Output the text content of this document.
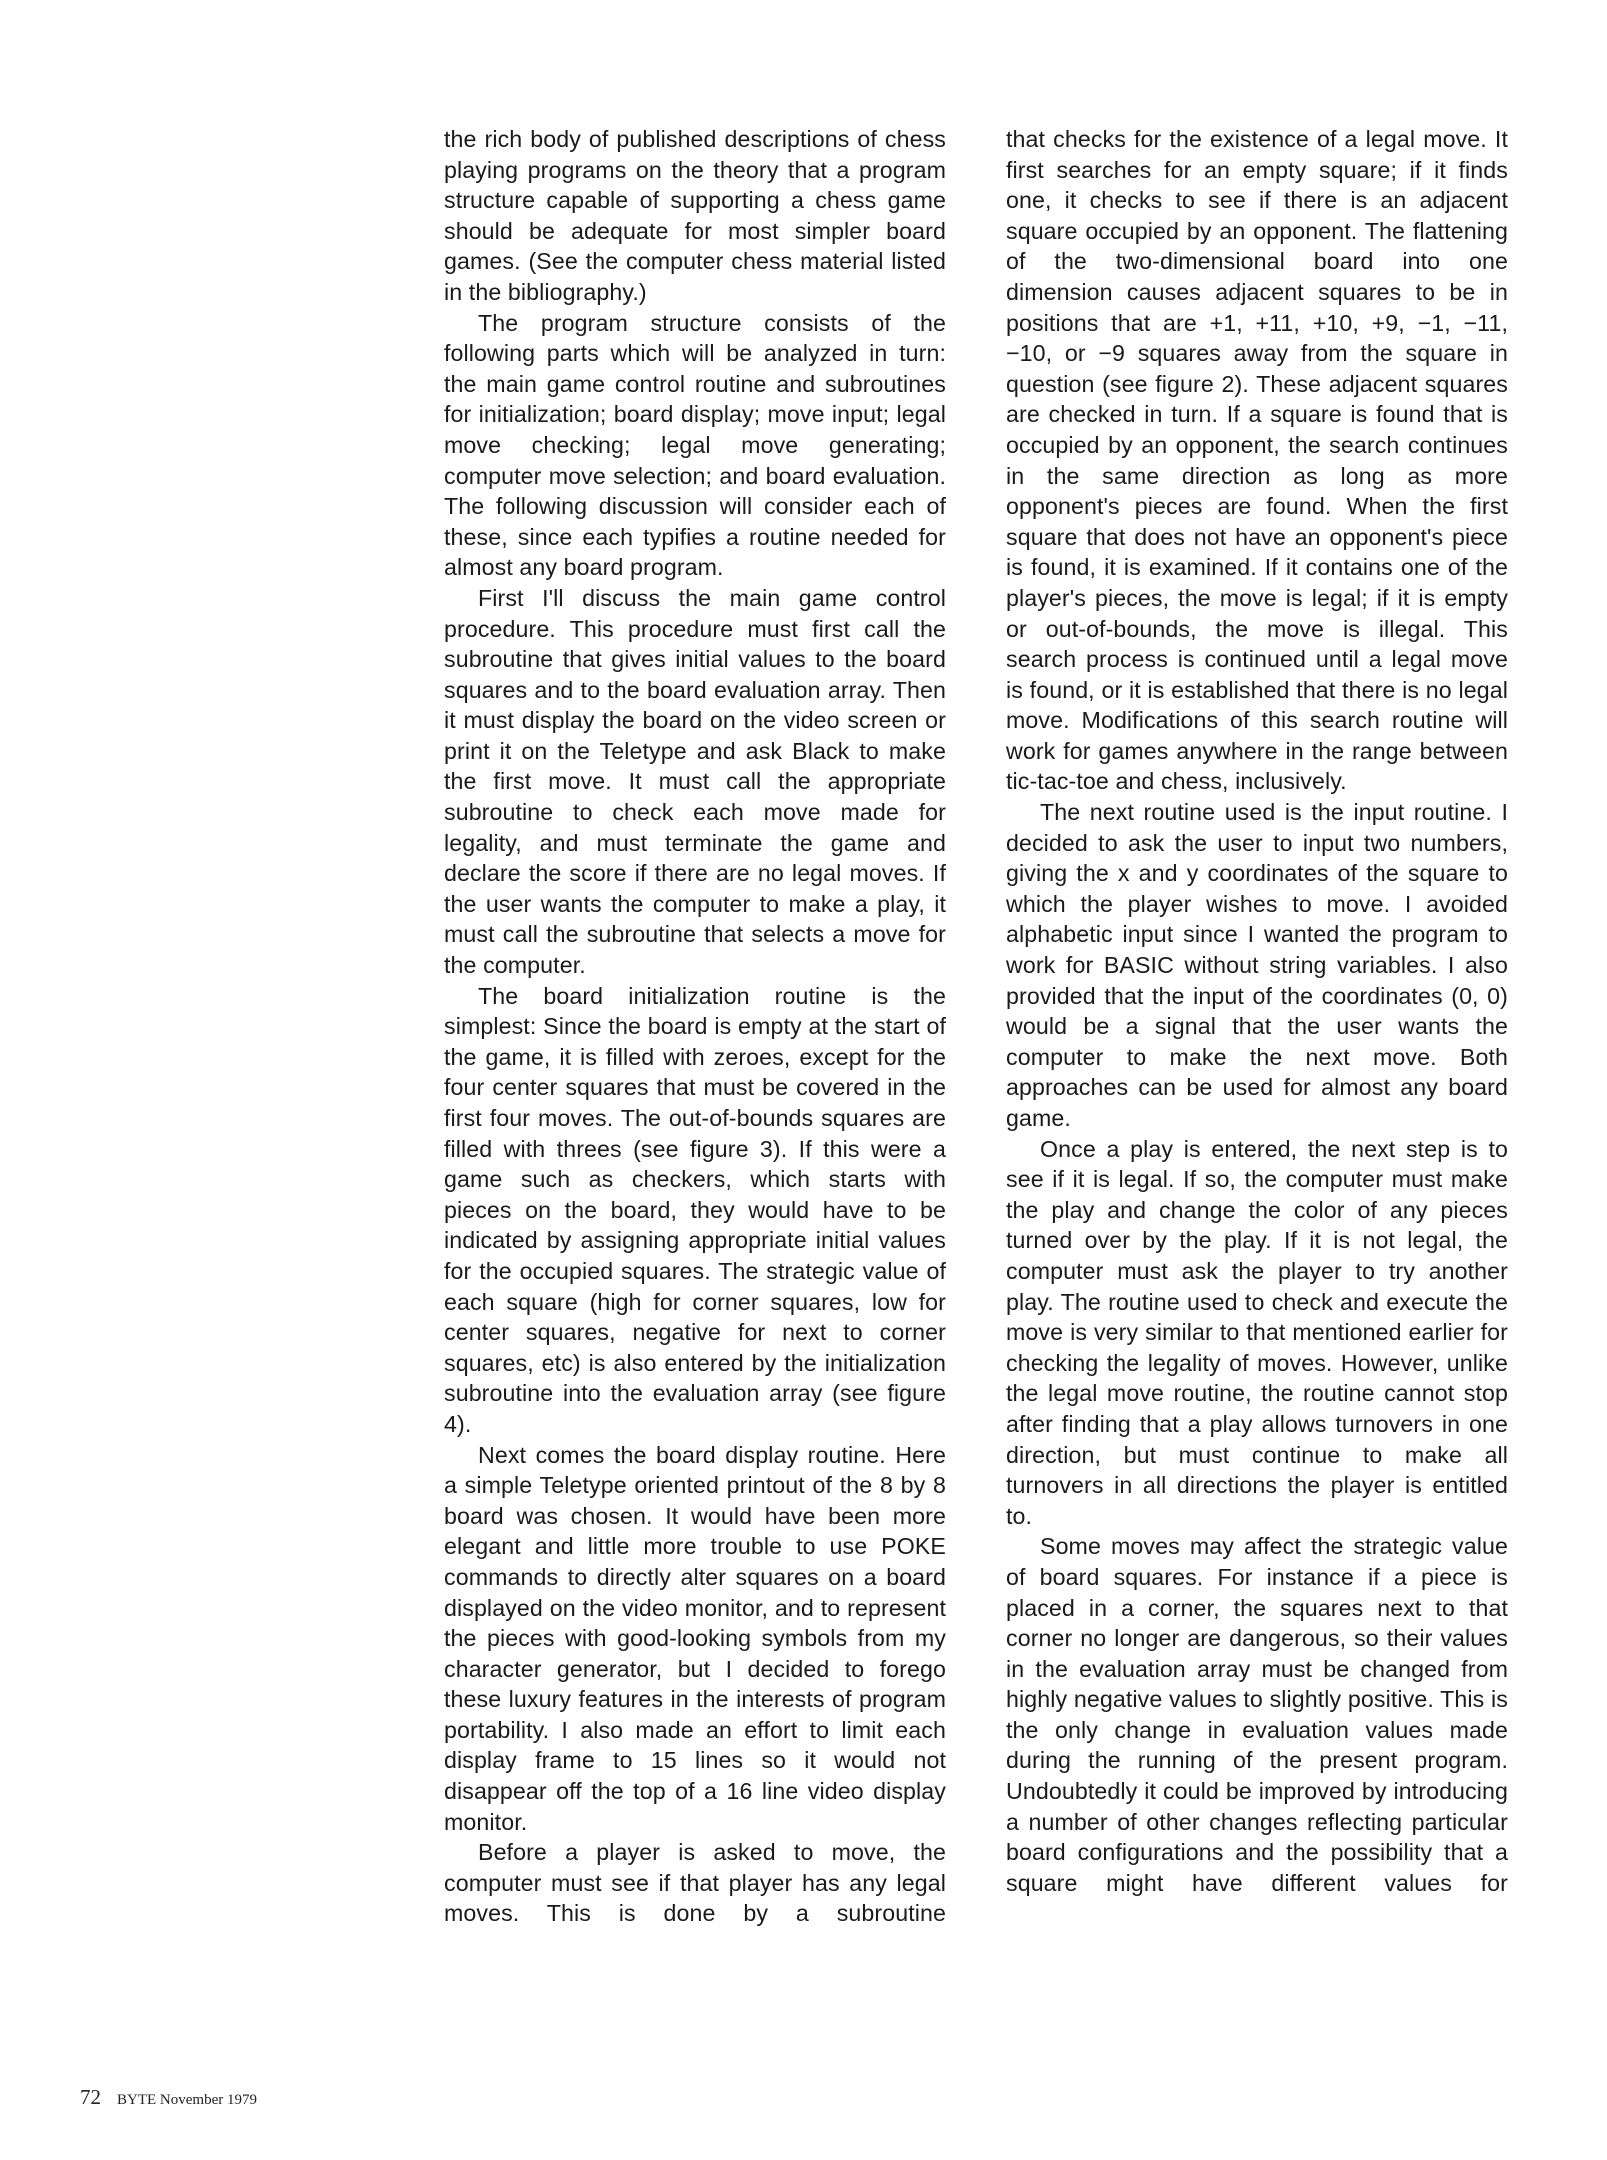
the rich body of published descriptions of chess playing programs on the theory that a program structure capable of supporting a chess game should be adequate for most simpler board games. (See the computer chess material listed in the bibliography.)

The program structure consists of the following parts which will be analyzed in turn: the main game control routine and subroutines for initialization; board display; move input; legal move checking; legal move generating; computer move selection; and board evaluation. The following discussion will consider each of these, since each typifies a routine needed for almost any board program.

First I'll discuss the main game control procedure. This procedure must first call the subroutine that gives initial values to the board squares and to the board evaluation array. Then it must display the board on the video screen or print it on the Teletype and ask Black to make the first move. It must call the appropriate subroutine to check each move made for legality, and must terminate the game and declare the score if there are no legal moves. If the user wants the computer to make a play, it must call the subroutine that selects a move for the computer.

The board initialization routine is the simplest: Since the board is empty at the start of the game, it is filled with zeroes, except for the four center squares that must be covered in the first four moves. The out-of-bounds squares are filled with threes (see figure 3). If this were a game such as checkers, which starts with pieces on the board, they would have to be indicated by assigning appropriate initial values for the occupied squares. The strategic value of each square (high for corner squares, low for center squares, negative for next to corner squares, etc) is also entered by the initialization subroutine into the evaluation array (see figure 4).

Next comes the board display routine. Here a simple Teletype oriented printout of the 8 by 8 board was chosen. It would have been more elegant and little more trouble to use POKE commands to directly alter squares on a board displayed on the video monitor, and to represent the pieces with good-looking symbols from my character generator, but I decided to forego these luxury features in the interests of program portability. I also made an effort to limit each display frame to 15 lines so it would not disappear off the top of a 16 line video display monitor.

Before a player is asked to move, the computer must see if that player has any legal moves. This is done by a subroutine

that checks for the existence of a legal move. It first searches for an empty square; if it finds one, it checks to see if there is an adjacent square occupied by an opponent. The flattening of the two-dimensional board into one dimension causes adjacent squares to be in positions that are +1, +11, +10, +9, −1, −11, −10, or −9 squares away from the square in question (see figure 2). These adjacent squares are checked in turn. If a square is found that is occupied by an opponent, the search continues in the same direction as long as more opponent's pieces are found. When the first square that does not have an opponent's piece is found, it is examined. If it contains one of the player's pieces, the move is legal; if it is empty or out-of-bounds, the move is illegal. This search process is continued until a legal move is found, or it is established that there is no legal move. Modifications of this search routine will work for games anywhere in the range between tic-tac-toe and chess, inclusively.

The next routine used is the input routine. I decided to ask the user to input two numbers, giving the x and y coordinates of the square to which the player wishes to move. I avoided alphabetic input since I wanted the program to work for BASIC without string variables. I also provided that the input of the coordinates (0, 0) would be a signal that the user wants the computer to make the next move. Both approaches can be used for almost any board game.

Once a play is entered, the next step is to see if it is legal. If so, the computer must make the play and change the color of any pieces turned over by the play. If it is not legal, the computer must ask the player to try another play. The routine used to check and execute the move is very similar to that mentioned earlier for checking the legality of moves. However, unlike the legal move routine, the routine cannot stop after finding that a play allows turnovers in one direction, but must continue to make all turnovers in all directions the player is entitled to.

Some moves may affect the strategic value of board squares. For instance if a piece is placed in a corner, the squares next to that corner no longer are dangerous, so their values in the evaluation array must be changed from highly negative values to slightly positive. This is the only change in evaluation values made during the running of the present program. Undoubtedly it could be improved by introducing a number of other changes reflecting particular board configurations and the possibility that a square might have different values for

72 BYTE November 1979
